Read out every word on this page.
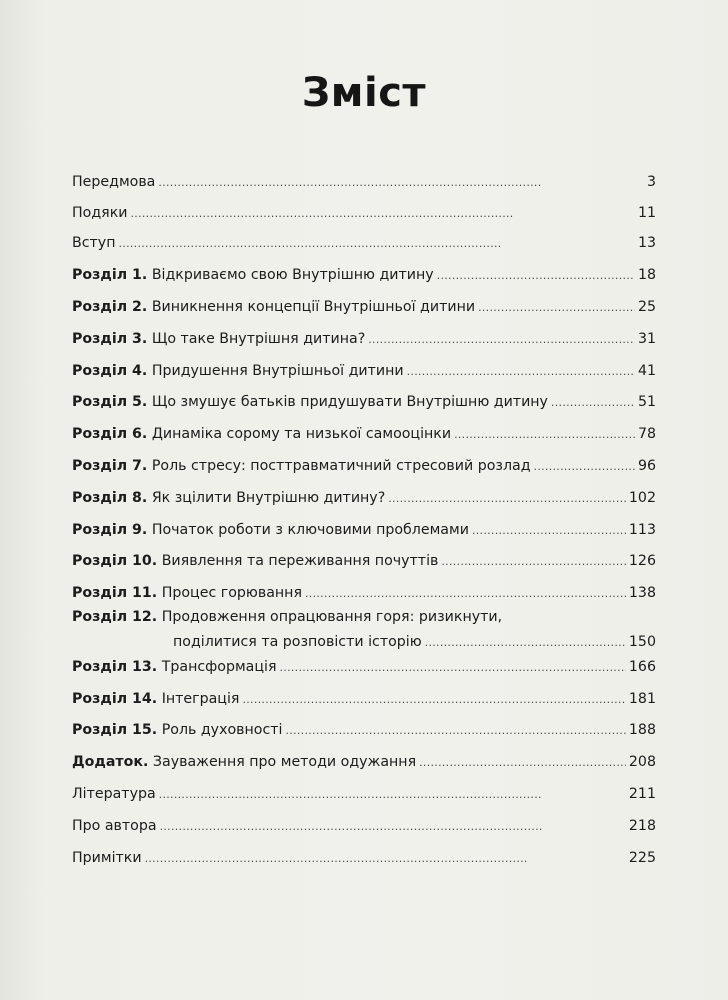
Зміст
Передмова . . .	3
Подяки . . .	11
Вступ . . .	13
Розділ 1. Відкриваємо свою Внутрішню дитину . . .	18
Розділ 2. Виникнення концепції Внутрішньої дитини . . .	25
Розділ 3. Що таке Внутрішня дитина? . . .	31
Розділ 4. Придушення Внутрішньої дитини . . .	41
Розділ 5. Що змушує батьків придушувати Внутрішню дитину . . .	51
Розділ 6. Динаміка сорому та низької самооцінки . . .	78
Розділ 7. Роль стресу: посттравматичний стресовий розлад . . .	96
Розділ 8. Як зцілити Внутрішню дитину? . . .	102
Розділ 9. Початок роботи з ключовими проблемами . . .	113
Розділ 10. Виявлення та переживання почуттів . . .	126
Розділ 11. Процес горювання . . .	138
Розділ 12. Продовження опрацювання горя: ризикнути,
поділитися та розповісти історію . . .	150
Розділ 13. Трансформація . . .	166
Розділ 14. Інтеграція . . .	181
Розділ 15. Роль духовності . . .	188
Додаток. Зауваження про методи одужання . . .	208
Література . . .	211
Про автора . . .	218
Примітки . . .	225
